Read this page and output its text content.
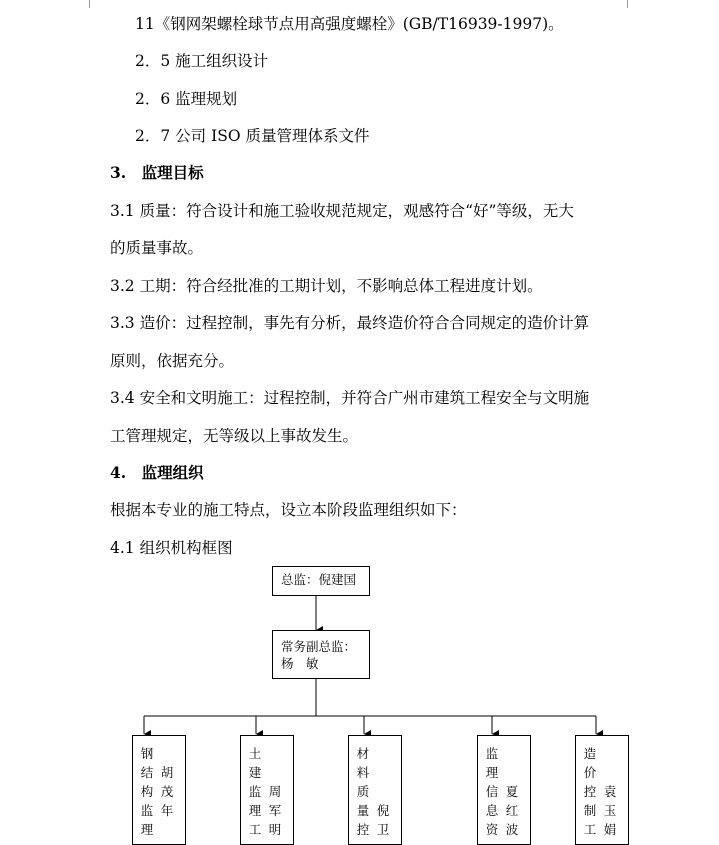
11《钢网架螺栓球节点用高强度螺栓》(GB/T16939-1997)。
2．5 施工组织设计
2．6 监理规划
2．7 公司 ISO 质量管理体系文件
3.　监理目标
3.1 质量：符合设计和施工验收规范规定，观感符合“好”等级，无大
的质量事故。
3.2 工期：符合经批准的工期计划，不影响总体工程进度计划。
3.3 造价：过程控制，事先有分析，最终造价符合合同规定的造价计算
原则，依据充分。
3.4 安全和文明施工：过程控制，并符合广州市建筑工程安全与文明施
工管理规定，无等级以上事故发生。
4.　监理组织
根据本专业的施工特点，设立本阶段监理组织如下：
4.1 组织机构框图
总监：倪建国
常务副总监：
杨　敏
钢结构监理
胡茂年
土建监理工
周军明
材料质量控
倪卫
监理信息资
夏红波
造价控制工
袁玉娟
